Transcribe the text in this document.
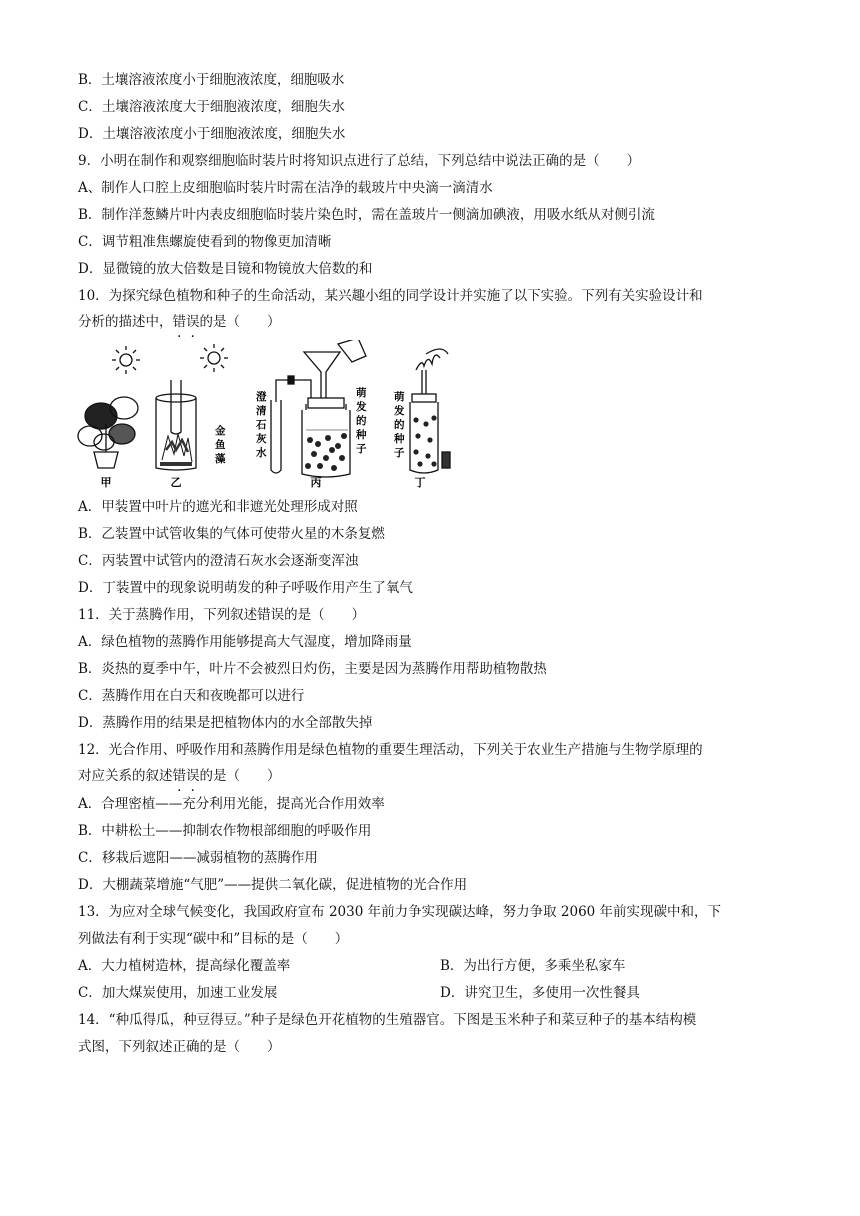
B．土壤溶液浓度小于细胞液浓度，细胞吸水
C．土壤溶液浓度大于细胞液浓度，细胞失水
D．土壤溶液浓度小于细胞液浓度，细胞失水
9．小明在制作和观察细胞临时装片时将知识点进行了总结，下列总结中说法正确的是（　　）
A、制作人口腔上皮细胞临时装片时需在洁净的载玻片中央滴一滴清水
B．制作洋葱鳞片叶内表皮细胞临时装片染色时，需在盖玻片一侧滴加碘液，用吸水纸从对侧引流
C．调节粗准焦螺旋使看到的物像更加清晰
D．显微镜的放大倍数是目镜和物镜放大倍数的和
10．为探究绿色植物和种子的生命活动，某兴趣小组的同学设计并实施了以下实验。下列有关实验设计和
分析的描述中，错误的是（　　）
甲
金鱼藻
乙
澄清石灰水
萌发的种子
丙
萌发的种子
丁
A．甲装置中叶片的遮光和非遮光处理形成对照
B．乙装置中试管收集的气体可使带火星的木条复燃
C．丙装置中试管内的澄清石灰水会逐渐变浑浊
D．丁装置中的现象说明萌发的种子呼吸作用产生了氧气
11．关于蒸腾作用，下列叙述错误的是（　　）
A．绿色植物的蒸腾作用能够提高大气湿度，增加降雨量
B．炎热的夏季中午，叶片不会被烈日灼伤，主要是因为蒸腾作用帮助植物散热
C．蒸腾作用在白天和夜晚都可以进行
D．蒸腾作用的结果是把植物体内的水全部散失掉
12．光合作用、呼吸作用和蒸腾作用是绿色植物的重要生理活动，下列关于农业生产措施与生物学原理的
对应关系的叙述错误的是（　　）
A．合理密植——充分利用光能，提高光合作用效率
B．中耕松土——抑制农作物根部细胞的呼吸作用
C．移栽后遮阳——减弱植物的蒸腾作用
D．大棚蔬菜增施“气肥”——提供二氧化碳，促进植物的光合作用
13．为应对全球气候变化，我国政府宣布 2030 年前力争实现碳达峰，努力争取 2060 年前实现碳中和，下
列做法有利于实现“碳中和”目标的是（　　）
A．大力植树造林，提高绿化覆盖率	B．为出行方便，多乘坐私家车
C．加大煤炭使用，加速工业发展	D．讲究卫生，多使用一次性餐具
14．“种瓜得瓜，种豆得豆。”种子是绿色开花植物的生殖器官。下图是玉米种子和菜豆种子的基本结构模
式图，下列叙述正确的是（　　）
